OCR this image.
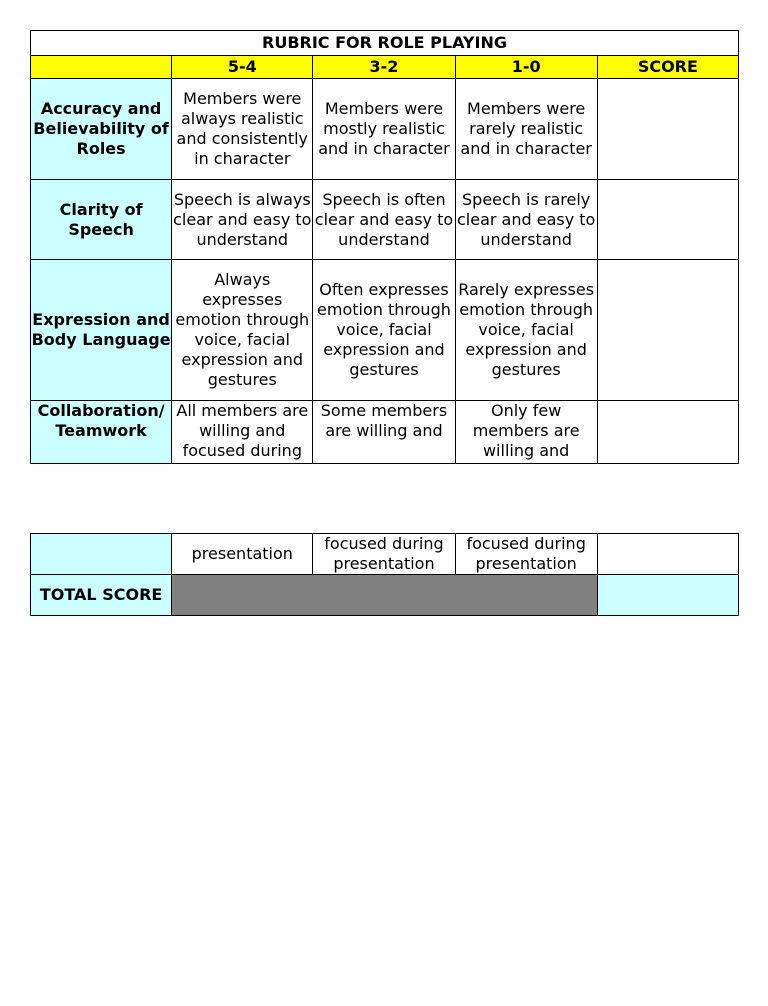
RUBRIC FOR ROLE PLAYING				
	5-4	3-2	1-0	SCORE
Accuracy and Believability of Roles	Members were always realistic and consistently in character	Members were mostly realistic and in character	Members were rarely realistic and in character	
Clarity of Speech	Speech is always clear and easy to understand	Speech is often clear and easy to understand	Speech is rarely clear and easy to understand	
Expression and Body Language	Always expresses emotion through voice, facial expression and gestures	Often expresses emotion through voice, facial expression and gestures	Rarely expresses emotion through voice, facial expression and gestures	
Collaboration/ Teamwork	All members are willing and focused during	Some members are willing and	Only few members are willing and	
	presentation	focused during presentation	focused during presentation	
TOTAL SCORE				
